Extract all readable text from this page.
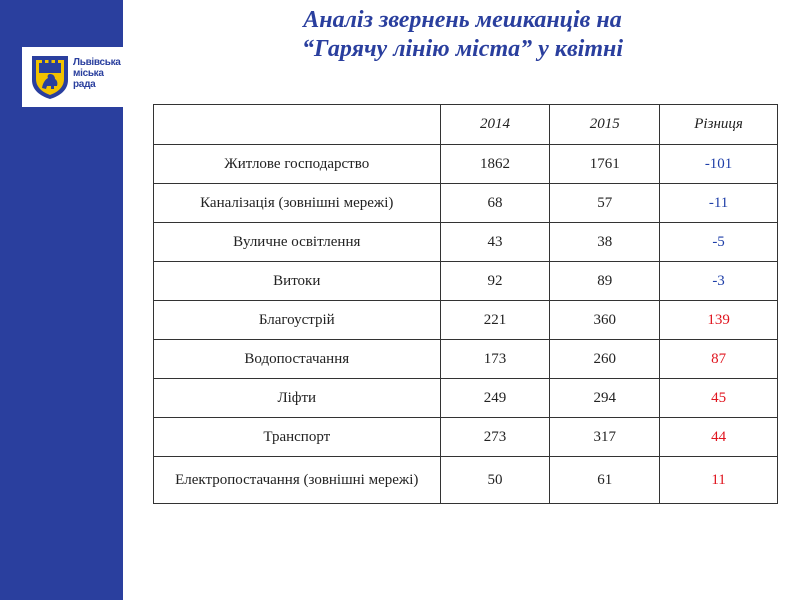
Львівська
міська
рада
Аналіз звернень мешканців на
“Гарячу лінію міста” у квітні
	2014	2015	Різниця
Житлове господарство	1862	1761	-101
Каналізація (зовнішні мережі)	68	57	-11
Вуличне освітлення	43	38	-5
Витоки	92	89	-3
Благоустрій	221	360	139
Водопостачання	173	260	87
Ліфти	249	294	45
Транспорт	273	317	44
Електропостачання (зовнішні мережі)	50	61	11
